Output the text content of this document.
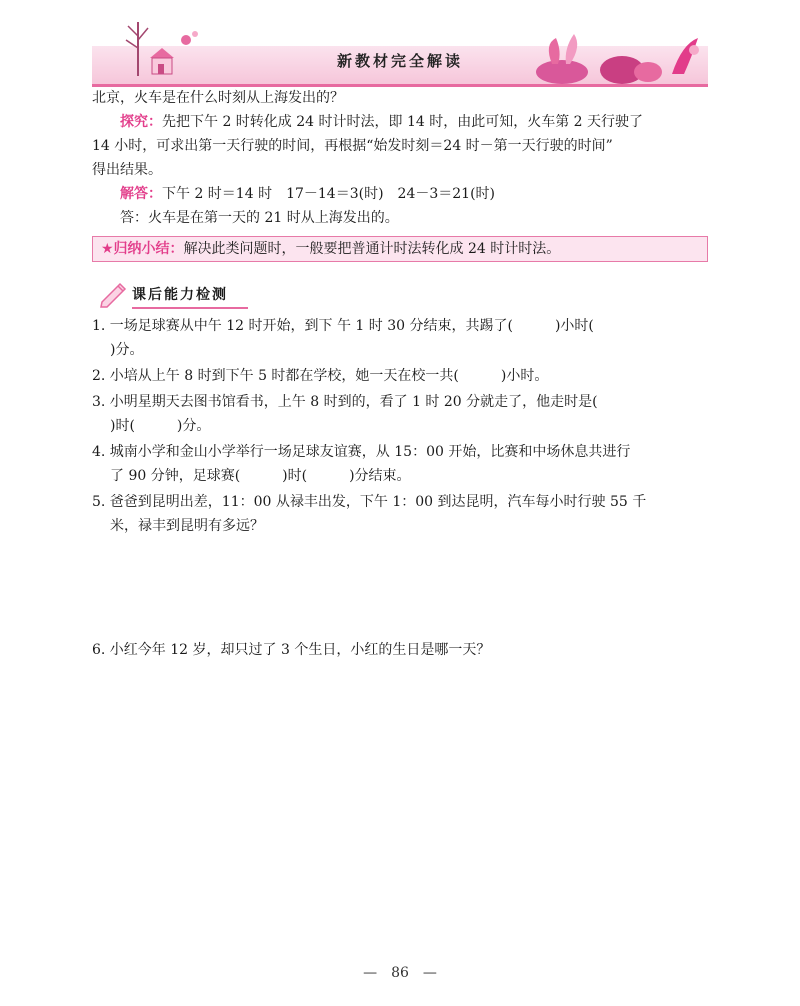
新教材完全解读
北京，火车是在什么时刻从上海发出的？
探究：先把下午 2 时转化成 24 时计时法，即 14 时，由此可知，火车第 2 天行驶了
14 小时，可求出第一天行驶的时间，再根据“始发时刻＝24 时－第一天行驶的时间”
得出结果。
解答：下午 2 时＝14 时　17－14＝3(时)　24－3＝21(时)
答：火车是在第一天的 21 时从上海发出的。
★归纳小结：解决此类问题时，一般要把普通计时法转化成 24 时计时法。
课后能力检测
1. 一场足球赛从中午 12 时开始，到下 午 1 时 30 分结束，共踢了(　　　)小时(
)分。
2. 小培从上午 8 时到下午 5 时都在学校，她一天在校一共(　　　)小时。
3. 小明星期天去图书馆看书，上午 8 时到的，看了 1 时 20 分就走了，他走时是(
)时(　　　)分。
4. 城南小学和金山小学举行一场足球友谊赛，从 15：00 开始，比赛和中场休息共进行
了 90 分钟，足球赛(　　　)时(　　　)分结束。
5. 爸爸到昆明出差，11：00 从禄丰出发，下午 1：00 到达昆明，汽车每小时行驶 55 千
米，禄丰到昆明有多远？
6. 小红今年 12 岁，却只过了 3 个生日，小红的生日是哪一天？
—　86　—
